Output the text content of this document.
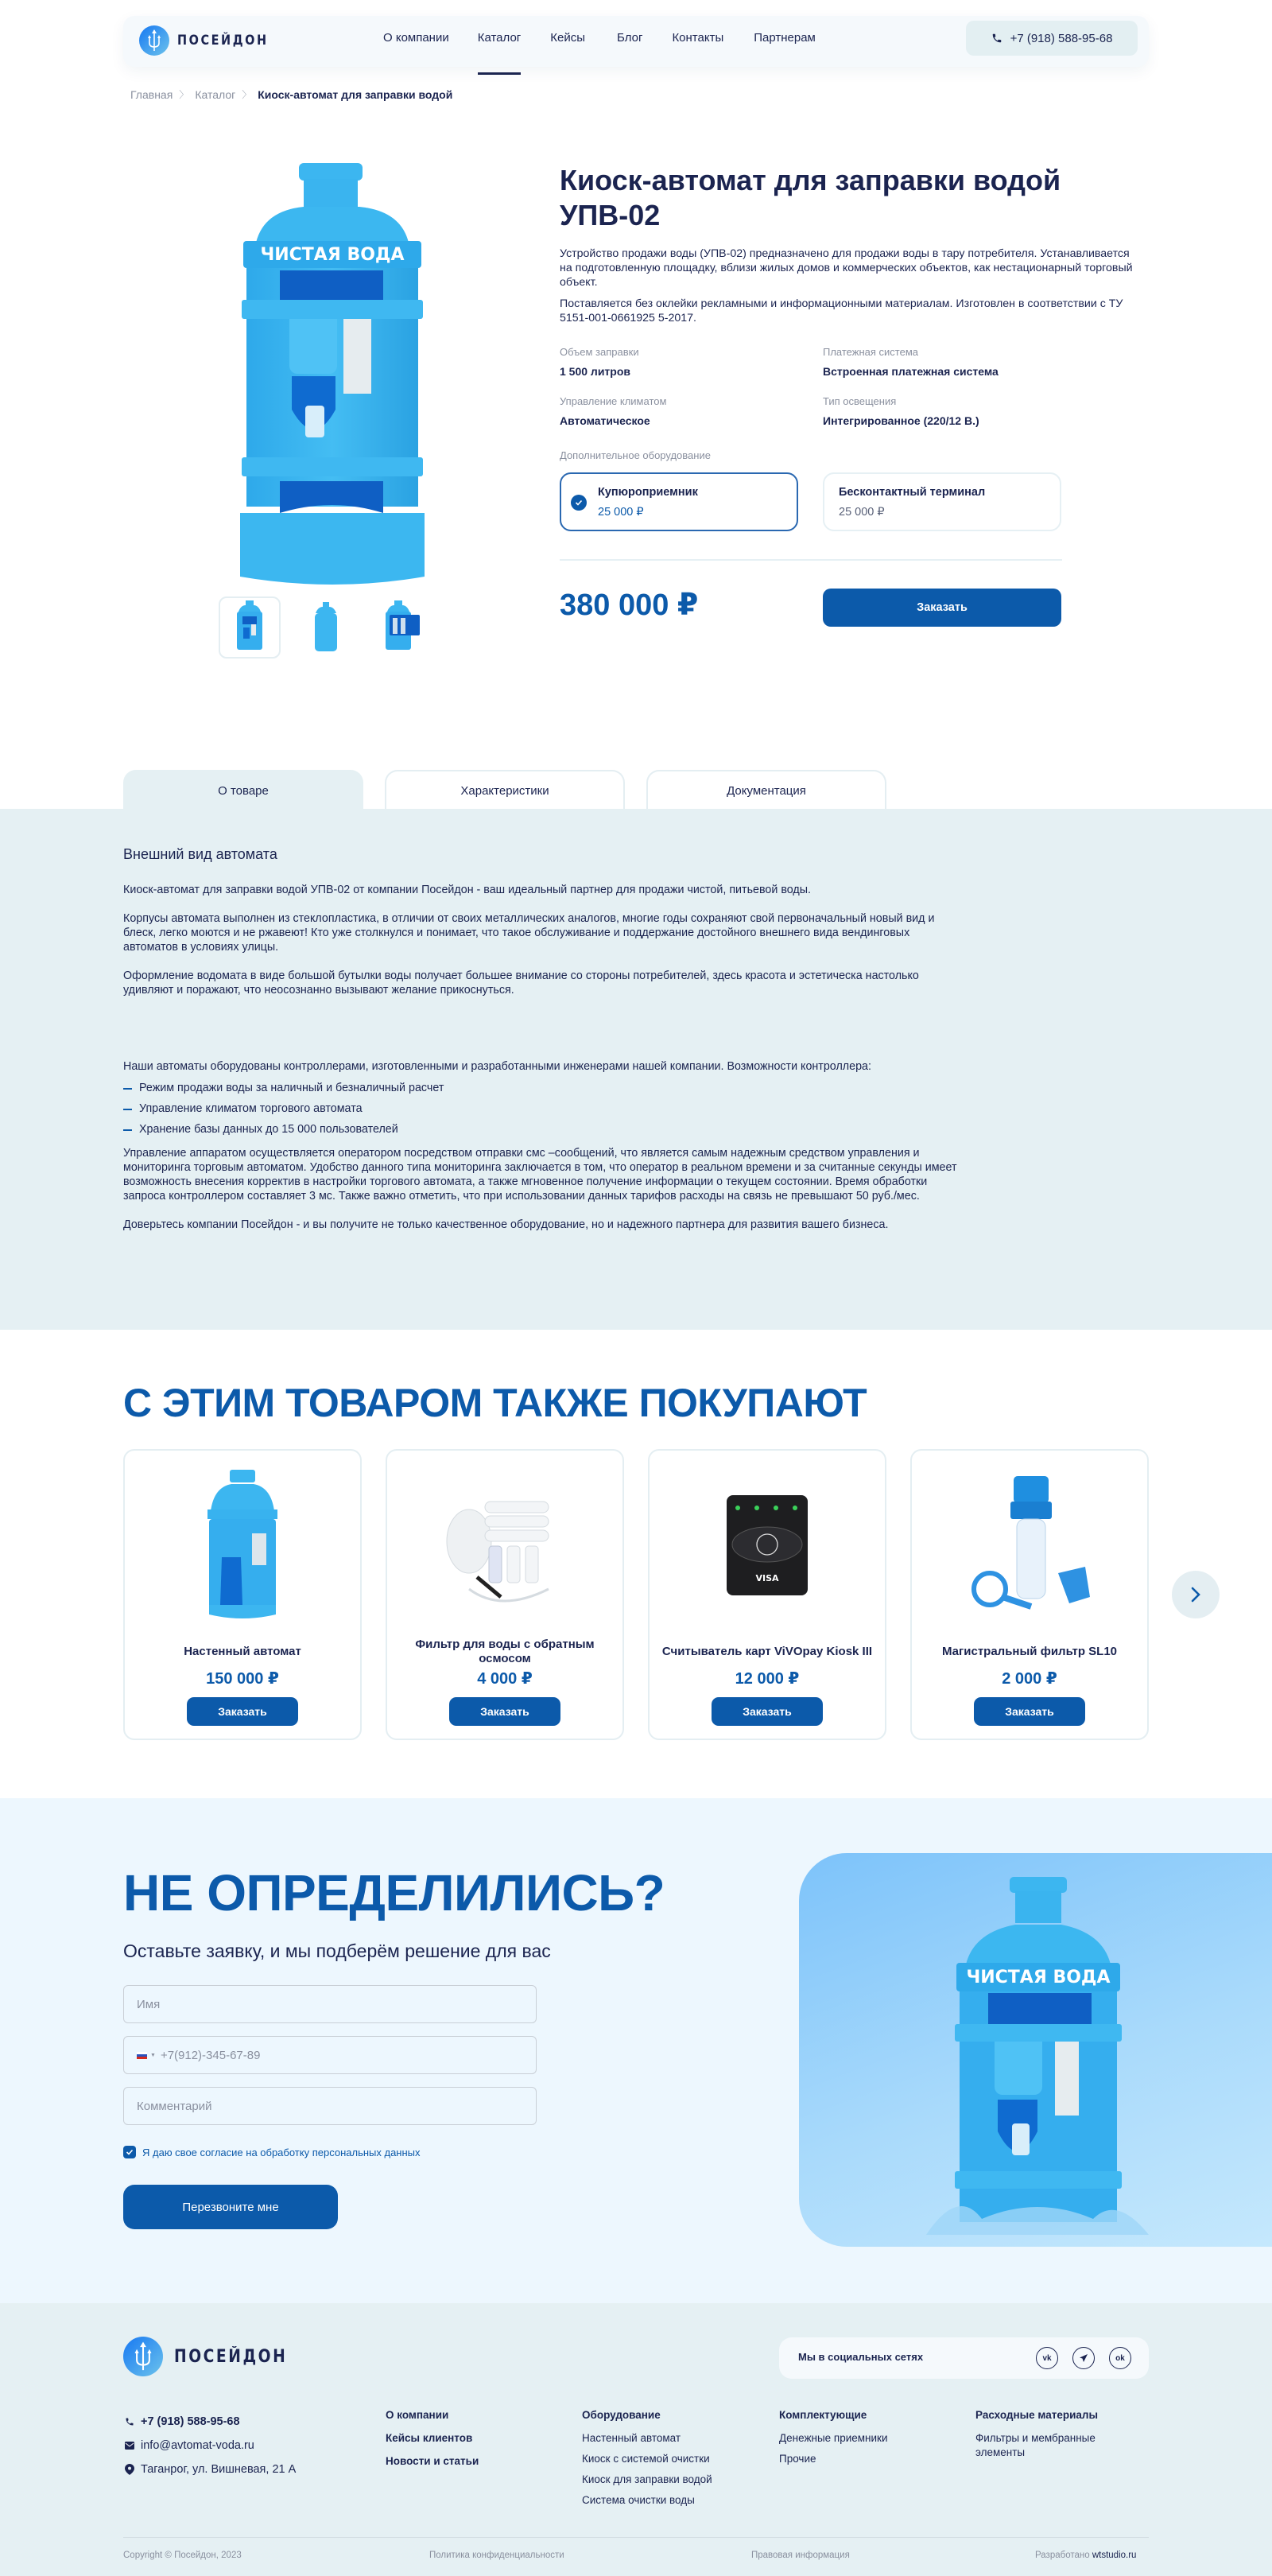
ПОСЕЙДОН	О компании Каталог Кейсы	Блог Контакты	Партнерам	+7 (918) 588-95-68
Главная 〉 Каталог 〉 Киоск-автомат для заправки водой
ЧИСТАЯ ВОДА
Киоск-автомат для заправки водой УПВ-02

Устройство продажи воды (УПВ-02) предназначено для продажи воды в тару потребителя. Устанавливается на подготовленную площадку, вблизи жилых домов и коммерческих объектов, как нестационарный торговый объект.

Поставляется без оклейки рекламными и информационными материалам. Изготовлен в соответствии с ТУ 5151-001-0661925 5-2017.

Объем заправки
1 500 литров
Платежная система
Встроенная платежная система
Управление климатом
Автоматическое
Тип освещения
Интегрированное (220/12 В.)
Дополнительное оборудование
Купюроприемник
25 000 ₽
Бесконтактный терминал
25 000 ₽
380 000 ₽	Заказать
О товаре	Характеристики	Документация
Внешний вид автомата

Киоск-автомат для заправки водой УПВ-02 от компании Посейдон - ваш идеальный партнер для продажи чистой, питьевой воды.

Корпусы автомата выполнен из стеклопластика, в отличии от своих металлических аналогов, многие годы сохраняют свой первоначальный новый вид и блеск, легко моются и не ржавеют! Кто уже столкнулся и понимает, что такое обслуживание и поддержание достойного внешнего вида вендинговых автоматов в условиях улицы.

Оформление водомата в виде большой бутылки воды получает большее внимание со стороны потребителей, здесь красота и эстетическа настолько удивляют и поражают, что неосознанно вызывают желание прикоснуться.

Наши автоматы оборудованы контроллерами, изготовленными и разработанными инженерами нашей компании. Возможности контроллера:

Режим продажи воды за наличный и безналичный расчет
Управление климатом торгового автомата
Хранение базы данных до 15 000 пользователей

Управление аппаратом осуществляется оператором посредством отправки смс –сообщений, что является самым надежным средством управления и мониторинга торговым автоматом. Удобство данного типа мониторинга заключается в том, что оператор в реальном времени и за считанные секунды имеет возможность внесения корректив в настройки торгового автомата, а также мгновенное получение информации о текущем состоянии. Время обработки запроса контроллером составляет 3 мс. Также важно отметить, что при использовании данных тарифов расходы на связь не превышают 50 руб./мес.

Доверьтесь компании Посейдон - и вы получите не только качественное оборудование, но и надежного партнера для развития вашего бизнеса.

С ЭТИМ ТОВАРОМ ТАКЖЕ ПОКУПАЮТ
Настенный автомат
150 000 ₽
Заказать
Фильтр для воды с обратным осмосом
4 000 ₽
Заказать
VISA
Считыватель карт ViVOpay Kiosk III
12 000 ₽
Заказать
Магистральный фильтр SL10
2 000 ₽
Заказать
НЕ ОПРЕДЕЛИЛИСЬ?
Оставьте заявку, и мы подберём решение для вас
Имя
▼ +7(912)-345-67-89
Комментарий
Я даю свое согласие на обработку персональных данных
Перезвоните мне
ЧИСТАЯ ВОДА
ПОСЕЙДОН	Мы в социальных сетях	vk	ok
+7 (918) 588-95-68
info@avtomat-voda.ru
Таганрог, ул. Вишневая, 21 А
О компании
Кейсы клиентов
Новости и статьи
Оборудование
Настенный автомат
Киоск с системой очистки
Киоск для заправки водой
Система очистки воды
Комплектующие
Денежные приемники
Прочие
Расходные материалы
Фильтры и мембранные элементы
Copyright © Посейдон, 2023	Политика конфиденциальности	Правовая информация	Разработано wtstudio.ru
